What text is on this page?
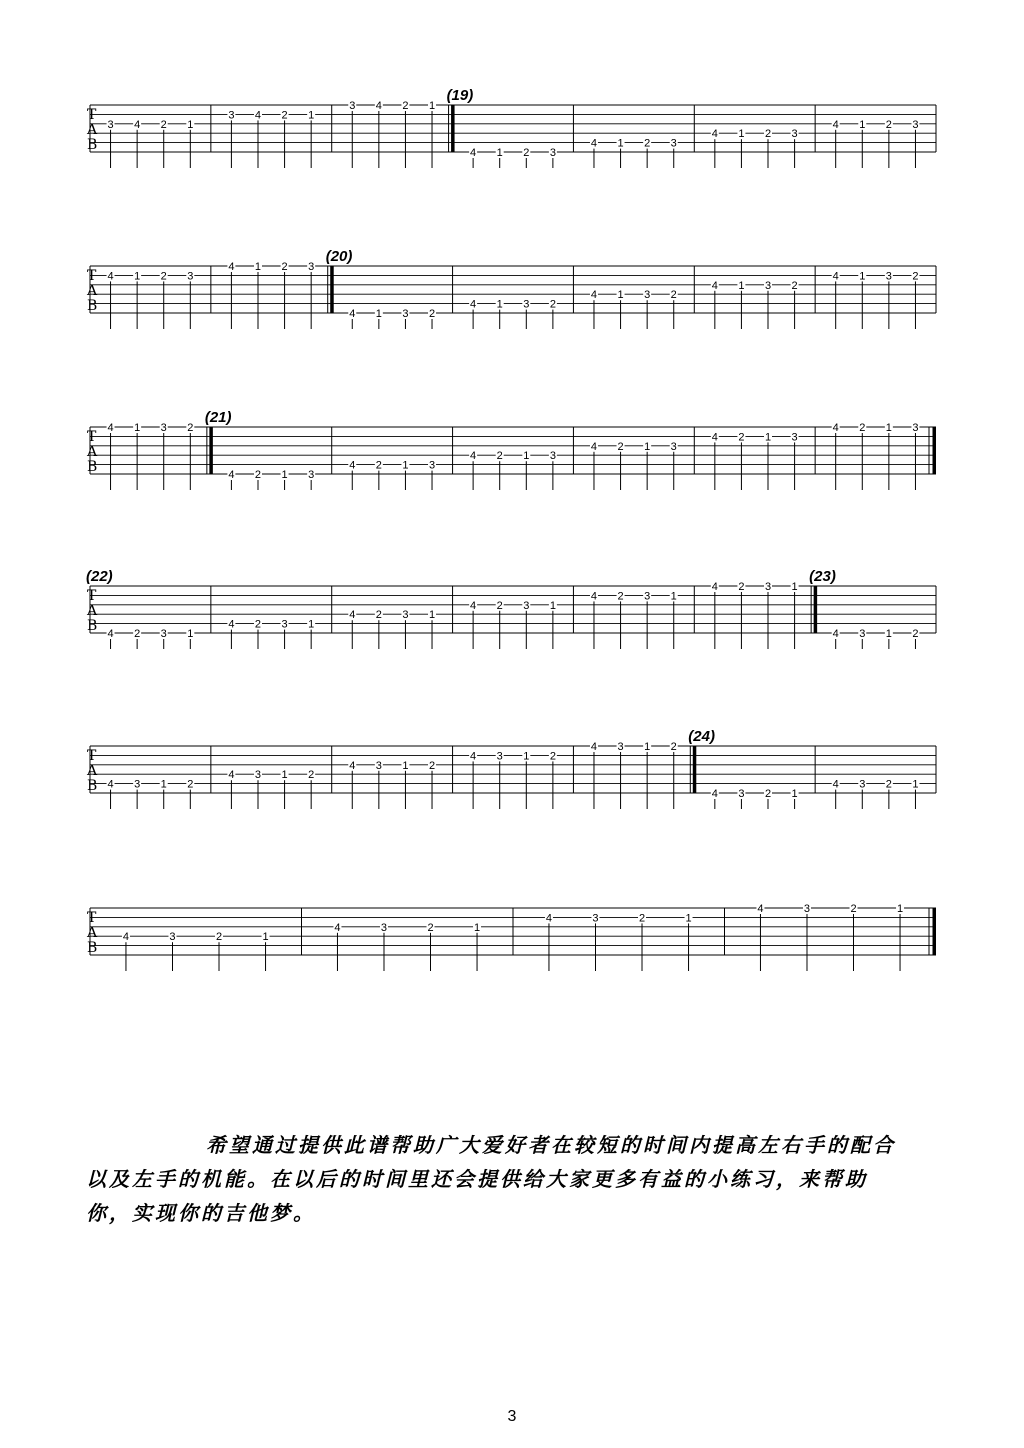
T
A
B
3 4 2 1
3 4 2 1
3 4 2 1
(19)
4 1 2 3
4 1 2 3
4 1 2 3
4 1 2 3
T
A
B
4 1 2 3
4 1 2 3
(20)
4 1 3 2
4 1 3 2
4 1 3 2
4 1 3 2
4 1 3 2
T
A
B
4 1 3 2
(21)
4 2 1 3
4 2 1 3
4 2 1 3
4 2 1 3
4 2 1 3
4 2 1 3
T
A
B
(22)
4 2 3 1
4 2 3 1
4 2 3 1
4 2 3 1
4 2 3 1
4 2 3 1
(23)
4 3 1 2
T
A
B 4 3 1 2
4 3 1 2
4 3 1 2
4 3 1 2
4 3 1 2
(24)
4 3 2 1
4 3 2 1
T
A
B
4	3	2	1
4	3	2	1
4	3	2	1
4	3	2	1

希望通过提供此谱帮助广大爱好者在较短的时间内提高左右手的配合
以及左手的机能。在以后的时间里还会提供给大家更多有益的小练习，来帮助
你，实现你的吉他梦。

3
